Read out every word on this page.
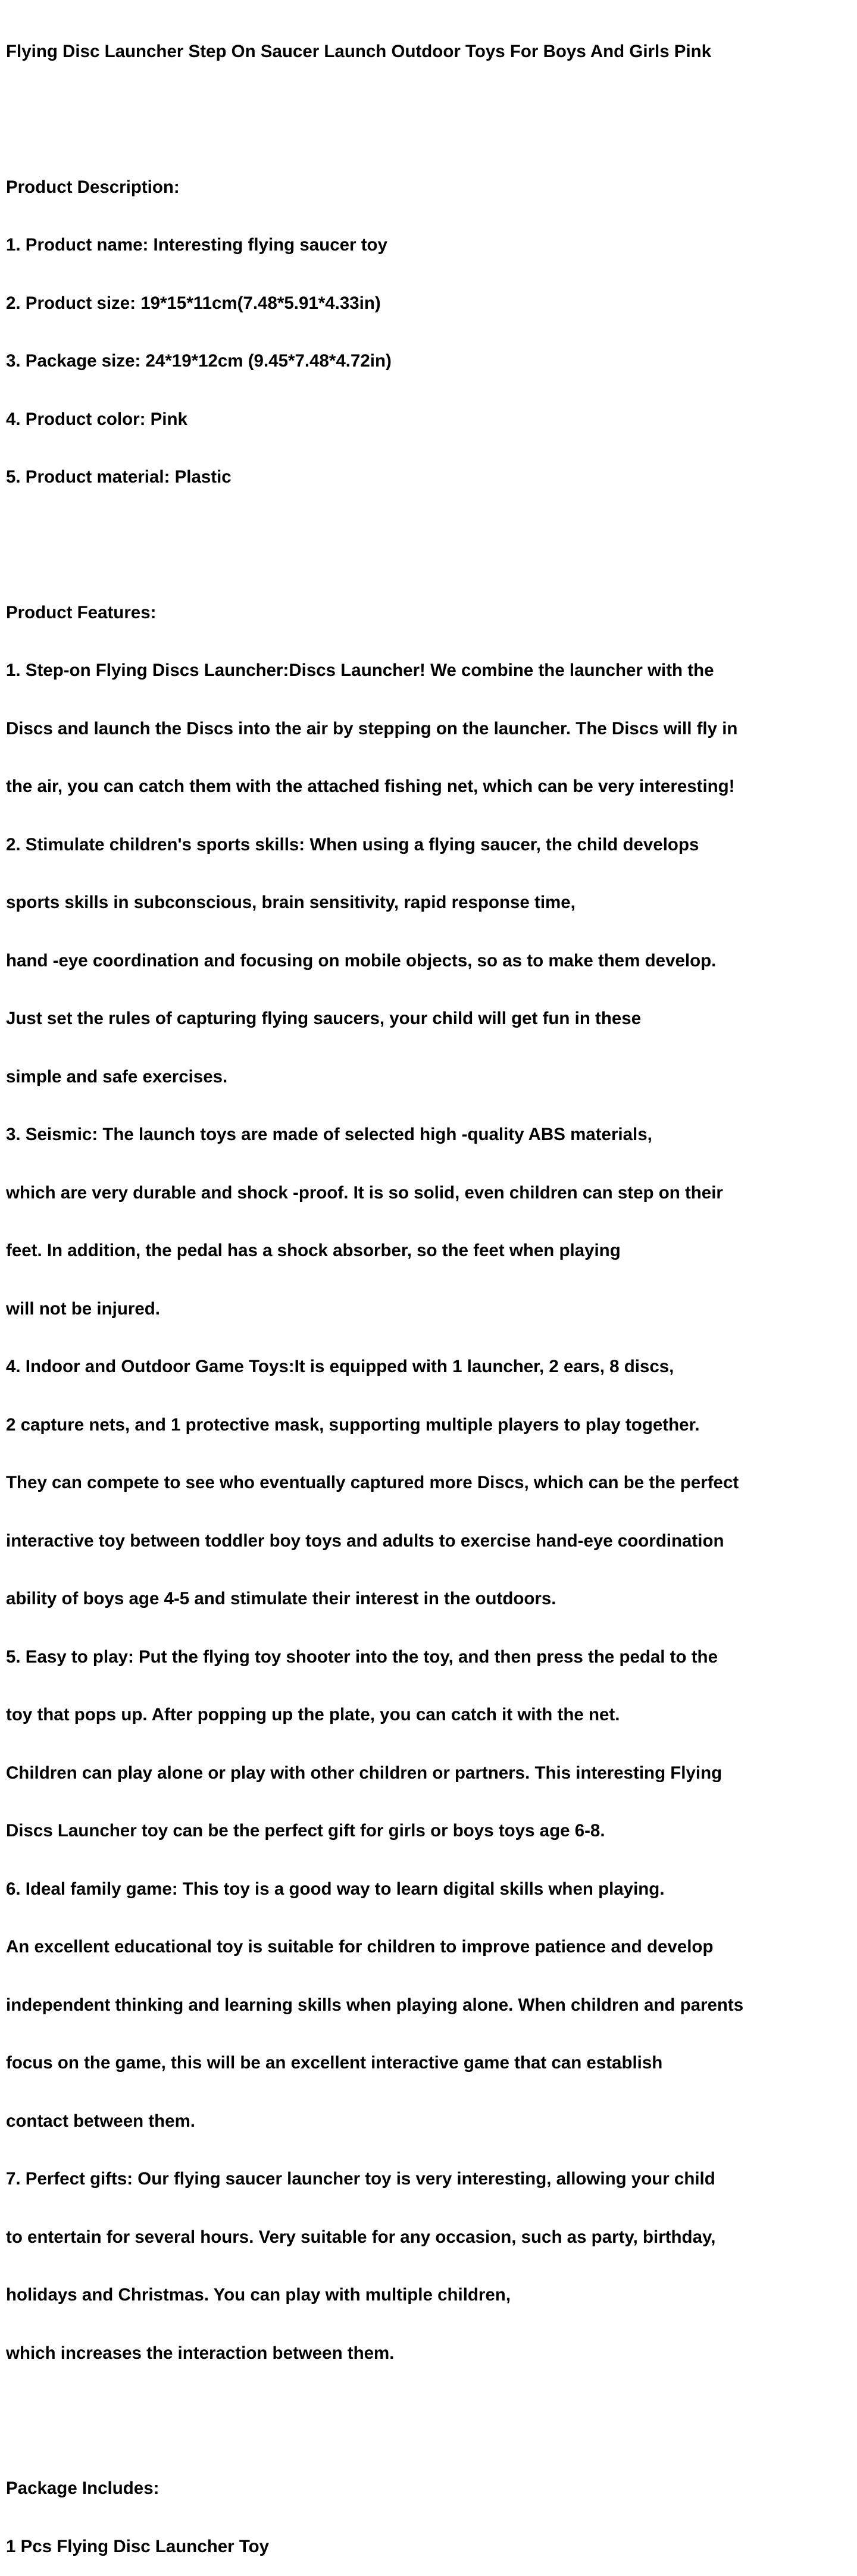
Flying Disc Launcher Step On Saucer Launch Outdoor Toys For Boys And Girls Pink

Product Description:

1. Product name: Interesting flying saucer toy

2. Product size: 19*15*11cm(7.48*5.91*4.33in)

3. Package size: 24*19*12cm (9.45*7.48*4.72in)

4. Product color: Pink

5. Product material: Plastic

Product Features:

1. Step-on Flying Discs Launcher:Discs Launcher! We combine the launcher with the

Discs and launch the Discs into the air by stepping on the launcher. The Discs will fly in

the air, you can catch them with the attached fishing net, which can be very interesting!

2. Stimulate children's sports skills: When using a flying saucer, the child develops

sports skills in subconscious, brain sensitivity, rapid response time,

hand -eye coordination and focusing on mobile objects, so as to make them develop.

Just set the rules of capturing flying saucers, your child will get fun in these

simple and safe exercises.

3. Seismic: The launch toys are made of selected high -quality ABS materials,

which are very durable and shock -proof. It is so solid, even children can step on their

feet. In addition, the pedal has a shock absorber, so the feet when playing

will not be injured.

4. Indoor and Outdoor Game Toys:It is equipped with 1 launcher, 2 ears, 8 discs,

2 capture nets, and 1 protective mask, supporting multiple players to play together.

They can compete to see who eventually captured more Discs, which can be the perfect

interactive toy between toddler boy toys and adults to exercise hand-eye coordination

ability of boys age 4-5 and stimulate their interest in the outdoors.

5. Easy to play: Put the flying toy shooter into the toy, and then press the pedal to the

toy that pops up. After popping up the plate, you can catch it with the net.

Children can play alone or play with other children or partners. This interesting Flying

Discs Launcher toy can be the perfect gift for girls or boys toys age 6-8.

6. Ideal family game: This toy is a good way to learn digital skills when playing.

An excellent educational toy is suitable for children to improve patience and develop

independent thinking and learning skills when playing alone. When children and parents

focus on the game, this will be an excellent interactive game that can establish

contact between them.

7. Perfect gifts: Our flying saucer launcher toy is very interesting, allowing your child

to entertain for several hours. Very suitable for any occasion, such as party, birthday,

holidays and Christmas. You can play with multiple children,

which increases the interaction between them.

Package Includes:

1 Pcs Flying Disc Launcher Toy
